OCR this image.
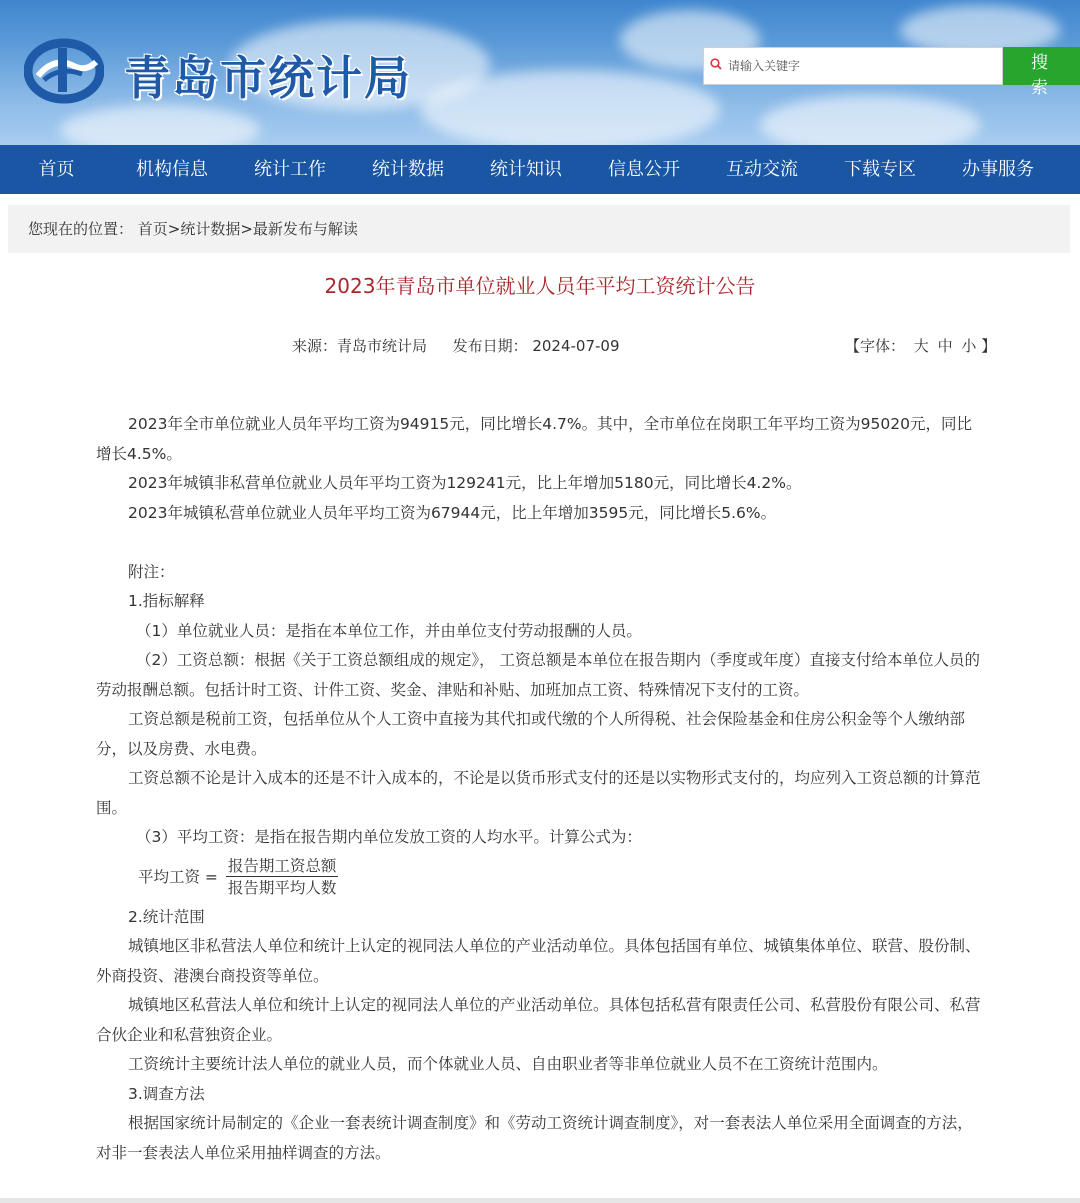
青岛市统计局
请输入关键字	搜 索
首页	机构信息	统计工作	统计数据	统计知识	信息公开	互动交流	下载专区	办事服务
您现在的位置： 首页>统计数据>最新发布与解读
2023年青岛市单位就业人员年平均工资统计公告
来源：青岛市统计局 发布日期： 2024-07-09	【字体： 大 中 小 】

2023年全市单位就业人员年平均工资为94915元，同比增长4.7%。其中，全市单位在岗职工年平均工资为95020元，同比增长4.5%。

2023年城镇非私营单位就业人员年平均工资为129241元，比上年增加5180元，同比增长4.2%。

2023年城镇私营单位就业人员年平均工资为67944元，比上年增加3595元，同比增长5.6%。

附注：

1.指标解释

（1）单位就业人员：是指在本单位工作，并由单位支付劳动报酬的人员。

（2）工资总额：根据《关于工资总额组成的规定》， 工资总额是本单位在报告期内（季度或年度）直接支付给本单位人员的劳动报酬总额。包括计时工资、计件工资、奖金、津贴和补贴、加班加点工资、特殊情况下支付的工资。

工资总额是税前工资，包括单位从个人工资中直接为其代扣或代缴的个人所得税、社会保险基金和住房公积金等个人缴纳部分，以及房费、水电费。

工资总额不论是计入成本的还是不计入成本的，不论是以货币形式支付的还是以实物形式支付的，均应列入工资总额的计算范围。

（3）平均工资：是指在报告期内单位发放工资的人均水平。计算公式为：

平均工资 = $\frac{\text{报告期工资总额}}{\text{报告期平均人数}}$

2.统计范围

城镇地区非私营法人单位和统计上认定的视同法人单位的产业活动单位。具体包括国有单位、城镇集体单位、联营、股份制、外商投资、港澳台商投资等单位。

城镇地区私营法人单位和统计上认定的视同法人单位的产业活动单位。具体包括私营有限责任公司、私营股份有限公司、私营合伙企业和私营独资企业。

工资统计主要统计法人单位的就业人员，而个体就业人员、自由职业者等非单位就业人员不在工资统计范围内。

3.调查方法

根据国家统计局制定的《企业一套表统计调查制度》和《劳动工资统计调查制度》，对一套表法人单位采用全面调查的方法，对非一套表法人单位采用抽样调查的方法。
